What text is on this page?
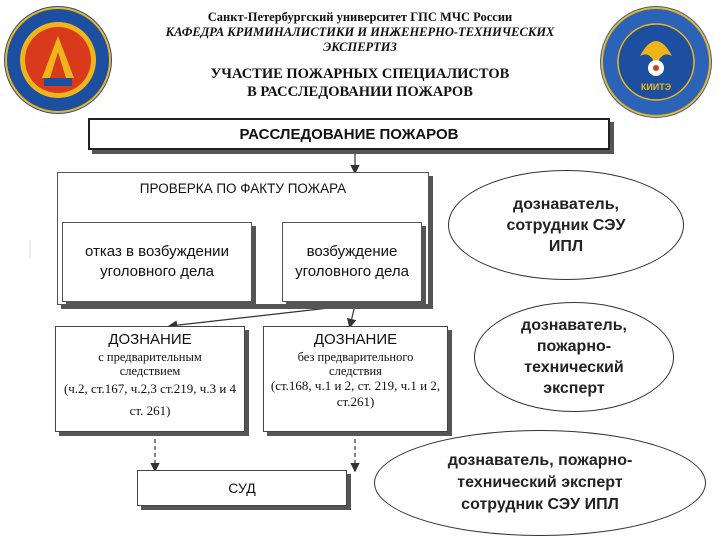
КИИТЭ
Санкт-Петербургский университет ГПС МЧС России
КАФЕДРА КРИМИНАЛИСТИКИ И ИНЖЕНЕРНО-ТЕХНИЧЕСКИХ ЭКСПЕРТИЗ
УЧАСТИЕ ПОЖАРНЫХ СПЕЦИАЛИСТОВ
В РАССЛЕДОВАНИИ ПОЖАРОВ
РАССЛЕДОВАНИЕ ПОЖАРОВ
ПРОВЕРКА ПО ФАКТУ ПОЖАРА
отказ в возбуждении уголовного дела
возбуждение уголовного дела
ДОЗНАНИЕ
с предварительным следствием
(ч.2, ст.167, ч.2,3 ст.219, ч.3 и 4 ст. 261)
ДОЗНАНИЕ
без предварительного следствия
(ст.168, ч.1 и 2, ст. 219, ч.1 и 2, ст.261)
СУД
дознаватель, сотрудник СЭУ ИПЛ
дознаватель, пожарно-технический эксперт
дознаватель, пожарно-технический эксперт сотрудник СЭУ ИПЛ
